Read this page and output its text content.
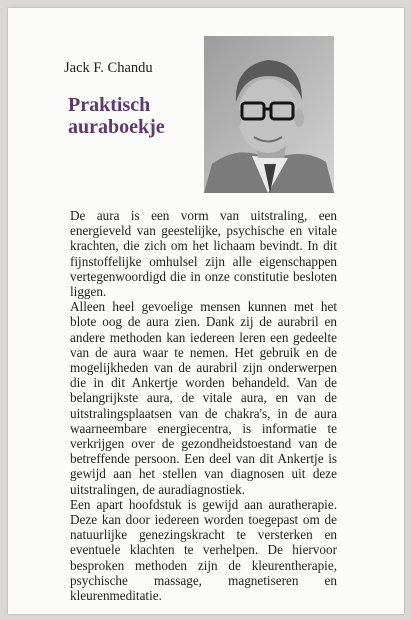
Jack F. Chandu
Praktisch
auraboekje

De aura is een vorm van uitstraling, een energieveld van geestelijke, psychische en vitale krachten, die zich om het lichaam bevindt. In dit fijnstoffelijke omhulsel zijn alle eigenschappen vertegenwoordigd die in onze constitutie besloten liggen.

Alleen heel gevoelige mensen kunnen met het blote oog de aura zien. Dank zij de aurabril en andere methoden kan iedereen leren een gedeelte van de aura waar te nemen. Het gebruik en de mogelijkheden van de aurabril zijn onderwerpen die in dit Ankertje worden behandeld. Van de belangrijkste aura, de vitale aura, en van de uitstralingsplaatsen van de chakra's, in de aura waarneembare energiecentra, is informatie te verkrijgen over de gezondheidstoestand van de betreffende persoon. Een deel van dit Ankertje is gewijd aan het stellen van diagnosen uit deze uitstralingen, de auradiagnostiek.

Een apart hoofdstuk is gewijd aan auratherapie. Deze kan door iedereen worden toegepast om de natuurlijke genezingskracht te versterken en eventuele klachten te verhelpen. De hiervoor besproken methoden zijn de kleurentherapie, psychische massage, magnetiseren en kleurenmeditatie.
